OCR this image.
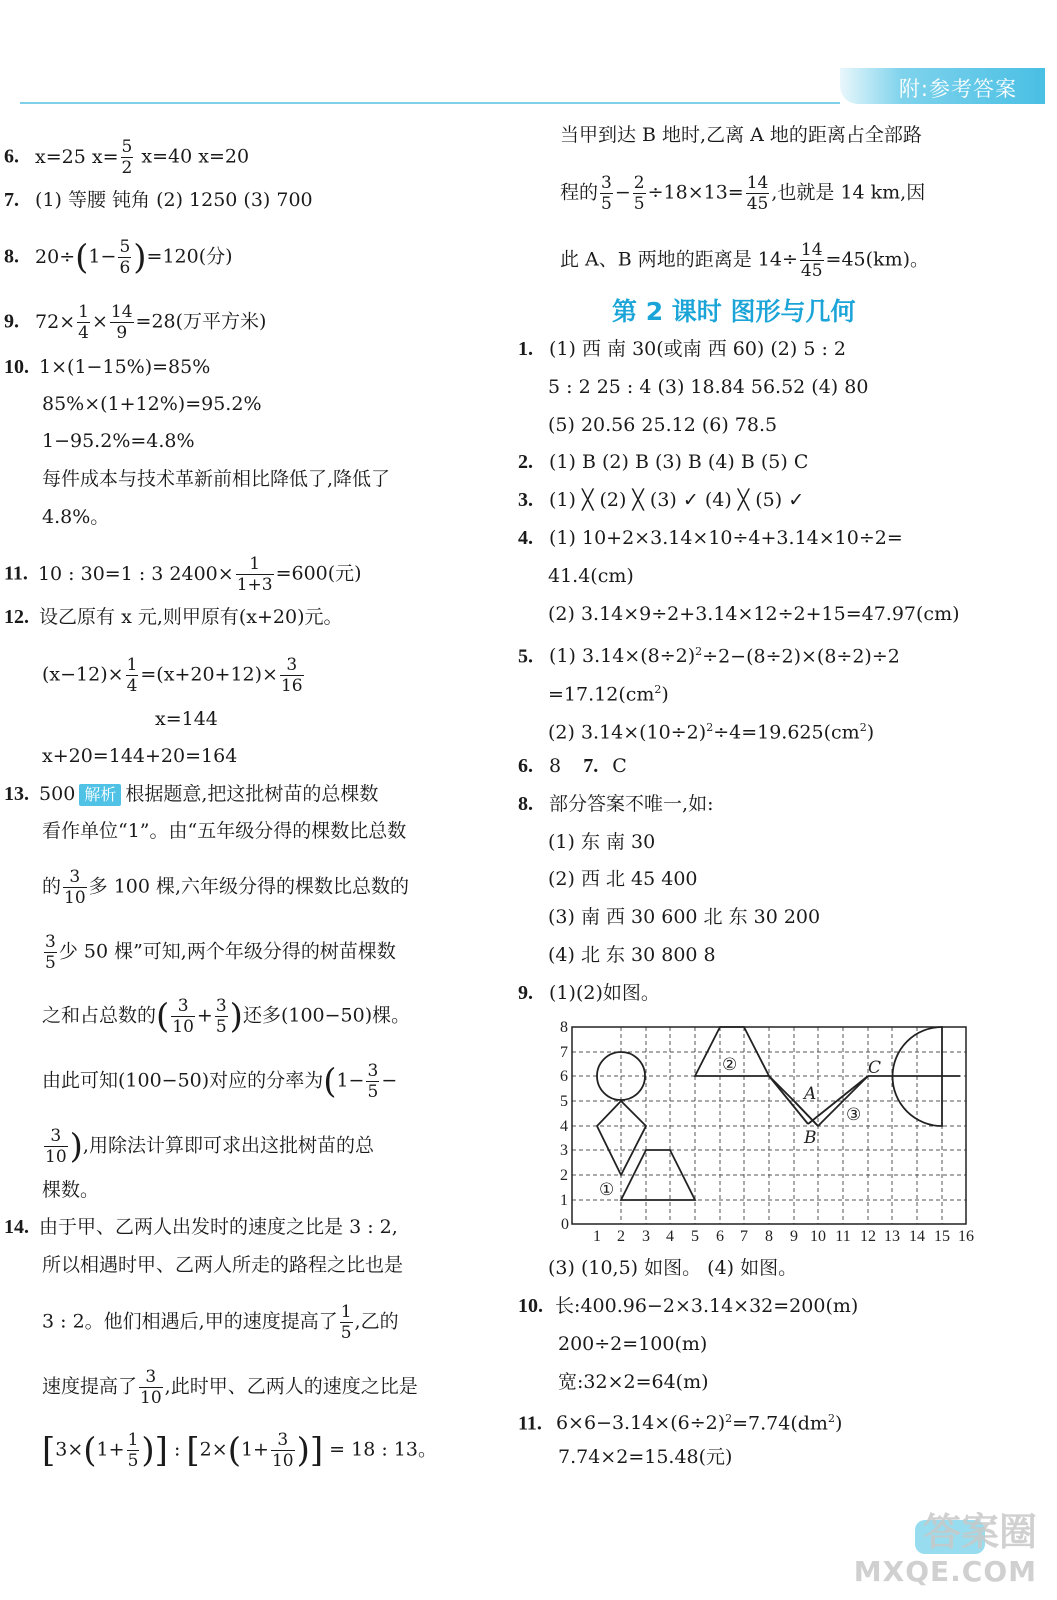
附:参考答案
6. x=25 $x= \frac{5}{2} x=40$ x=20
7. (1) 等腰 钝角 (2) 1250 (3) 700
8. $20\div(1- \frac{5}{6} )=120$(分)
9. $72\times \frac{1}{4} \times \frac{14}{9} =28$(万平方米)
10. 1×(1−15%)=85%
85%×(1+12%)=95.2%
1−95.2%=4.8%
每件成本与技术革新前相比降低了,降低了
4.8%。
11. 10 : 30=1 : 3 $2400\times \frac{1}{1+3} =600$(元)
12. 设乙原有 x 元,则甲原有(x+20)元。
$(x-12)\times \frac{1}{4} =(x+20+12)\times \frac{3}{16}$
x=144
x+20=144+20=164
13. 500 解析 根据题意,把这批树苗的总棵数
看作单位“1”。由“五年级分得的棵数比总数
的 $\frac{3}{10}$ 多 100 棵,六年级分得的棵数比总数的
$\frac{3}{5}$ 少 50 棵”可知,两个年级分得的树苗棵数
之和占总数的( $\frac{3}{10} + \frac{3}{5}$ )还多(100−50)棵。
由此可知(100−50)对应的分率为($1- \frac{3}{5}$ −
$\frac{3}{10}$ ),用除法计算即可求出这批树苗的总
棵数。
14. 由于甲、乙两人出发时的速度之比是 3 : 2,
所以相遇时甲、乙两人所走的路程之比也是
3 : 2。他们相遇后,甲的速度提高了 $\frac{1}{5}$ ,乙的
速度提高了 $\frac{3}{10}$ ,此时甲、乙两人的速度之比是
[$3\times(1+ \frac{1}{5}$ )] : [$2\times(1+ \frac{3}{10}$ )] = 18 : 13。
当甲到达 B 地时,乙离 A 地的距离占全部路
程的 $\frac{3}{5} - \frac{2}{5} \div 18\times 13= \frac{14}{45}$ ,也就是 14 km,因
此 A、B 两地的距离是 $14\div \frac{14}{45} =45(km)$。
第 2 课时 图形与几何
1. (1) 西 南 30(或南 西 60) (2) 5 : 2
5 : 2 25 : 4 (3) 18.84 56.52 (4) 80
(5) 20.56 25.12 (6) 78.5
2. (1) B (2) B (3) B (4) B (5) C
3. (1) ╳ (2) ╳ (3) ✓ (4) ╳ (5) ✓
4. (1) 10+2×3.14×10÷4+3.14×10÷2=
41.4(cm)
(2) 3.14×9÷2+3.14×12÷2+15=47.97(cm)
5. (1) $3.14\times(8\div 2)^2\div 2-(8\div 2)\times(8\div 2)\div 2$
$=17.12(cm^2)$
(2) $3.14\times(10\div 2)^2\div 4=19.625(cm^2)$
6. 8 7. C
8. 部分答案不唯一,如:
(1) 东 南 30
(2) 西 北 45 400
(3) 南 西 30 600 北 东 30 200
(4) 北 东 30 800 8
9. (1)(2)如图。
0
1 2 3 4 5 6 7 8 9 10 11 12 13 14 15 16
1
2
3
4
5
6
7
8
①
②
③
A
B
C
(3) (10,5) 如图。 (4) 如图。
10. 长:400.96−2×3.14×32=200(m)
200÷2=100(m)
宽:32×2=64(m)
11. $6\times 6-3.14\times(6\div 2)^2=7.74(dm^2)$
7.74×2=15.48(元)
答案圈
MXQE.COM
